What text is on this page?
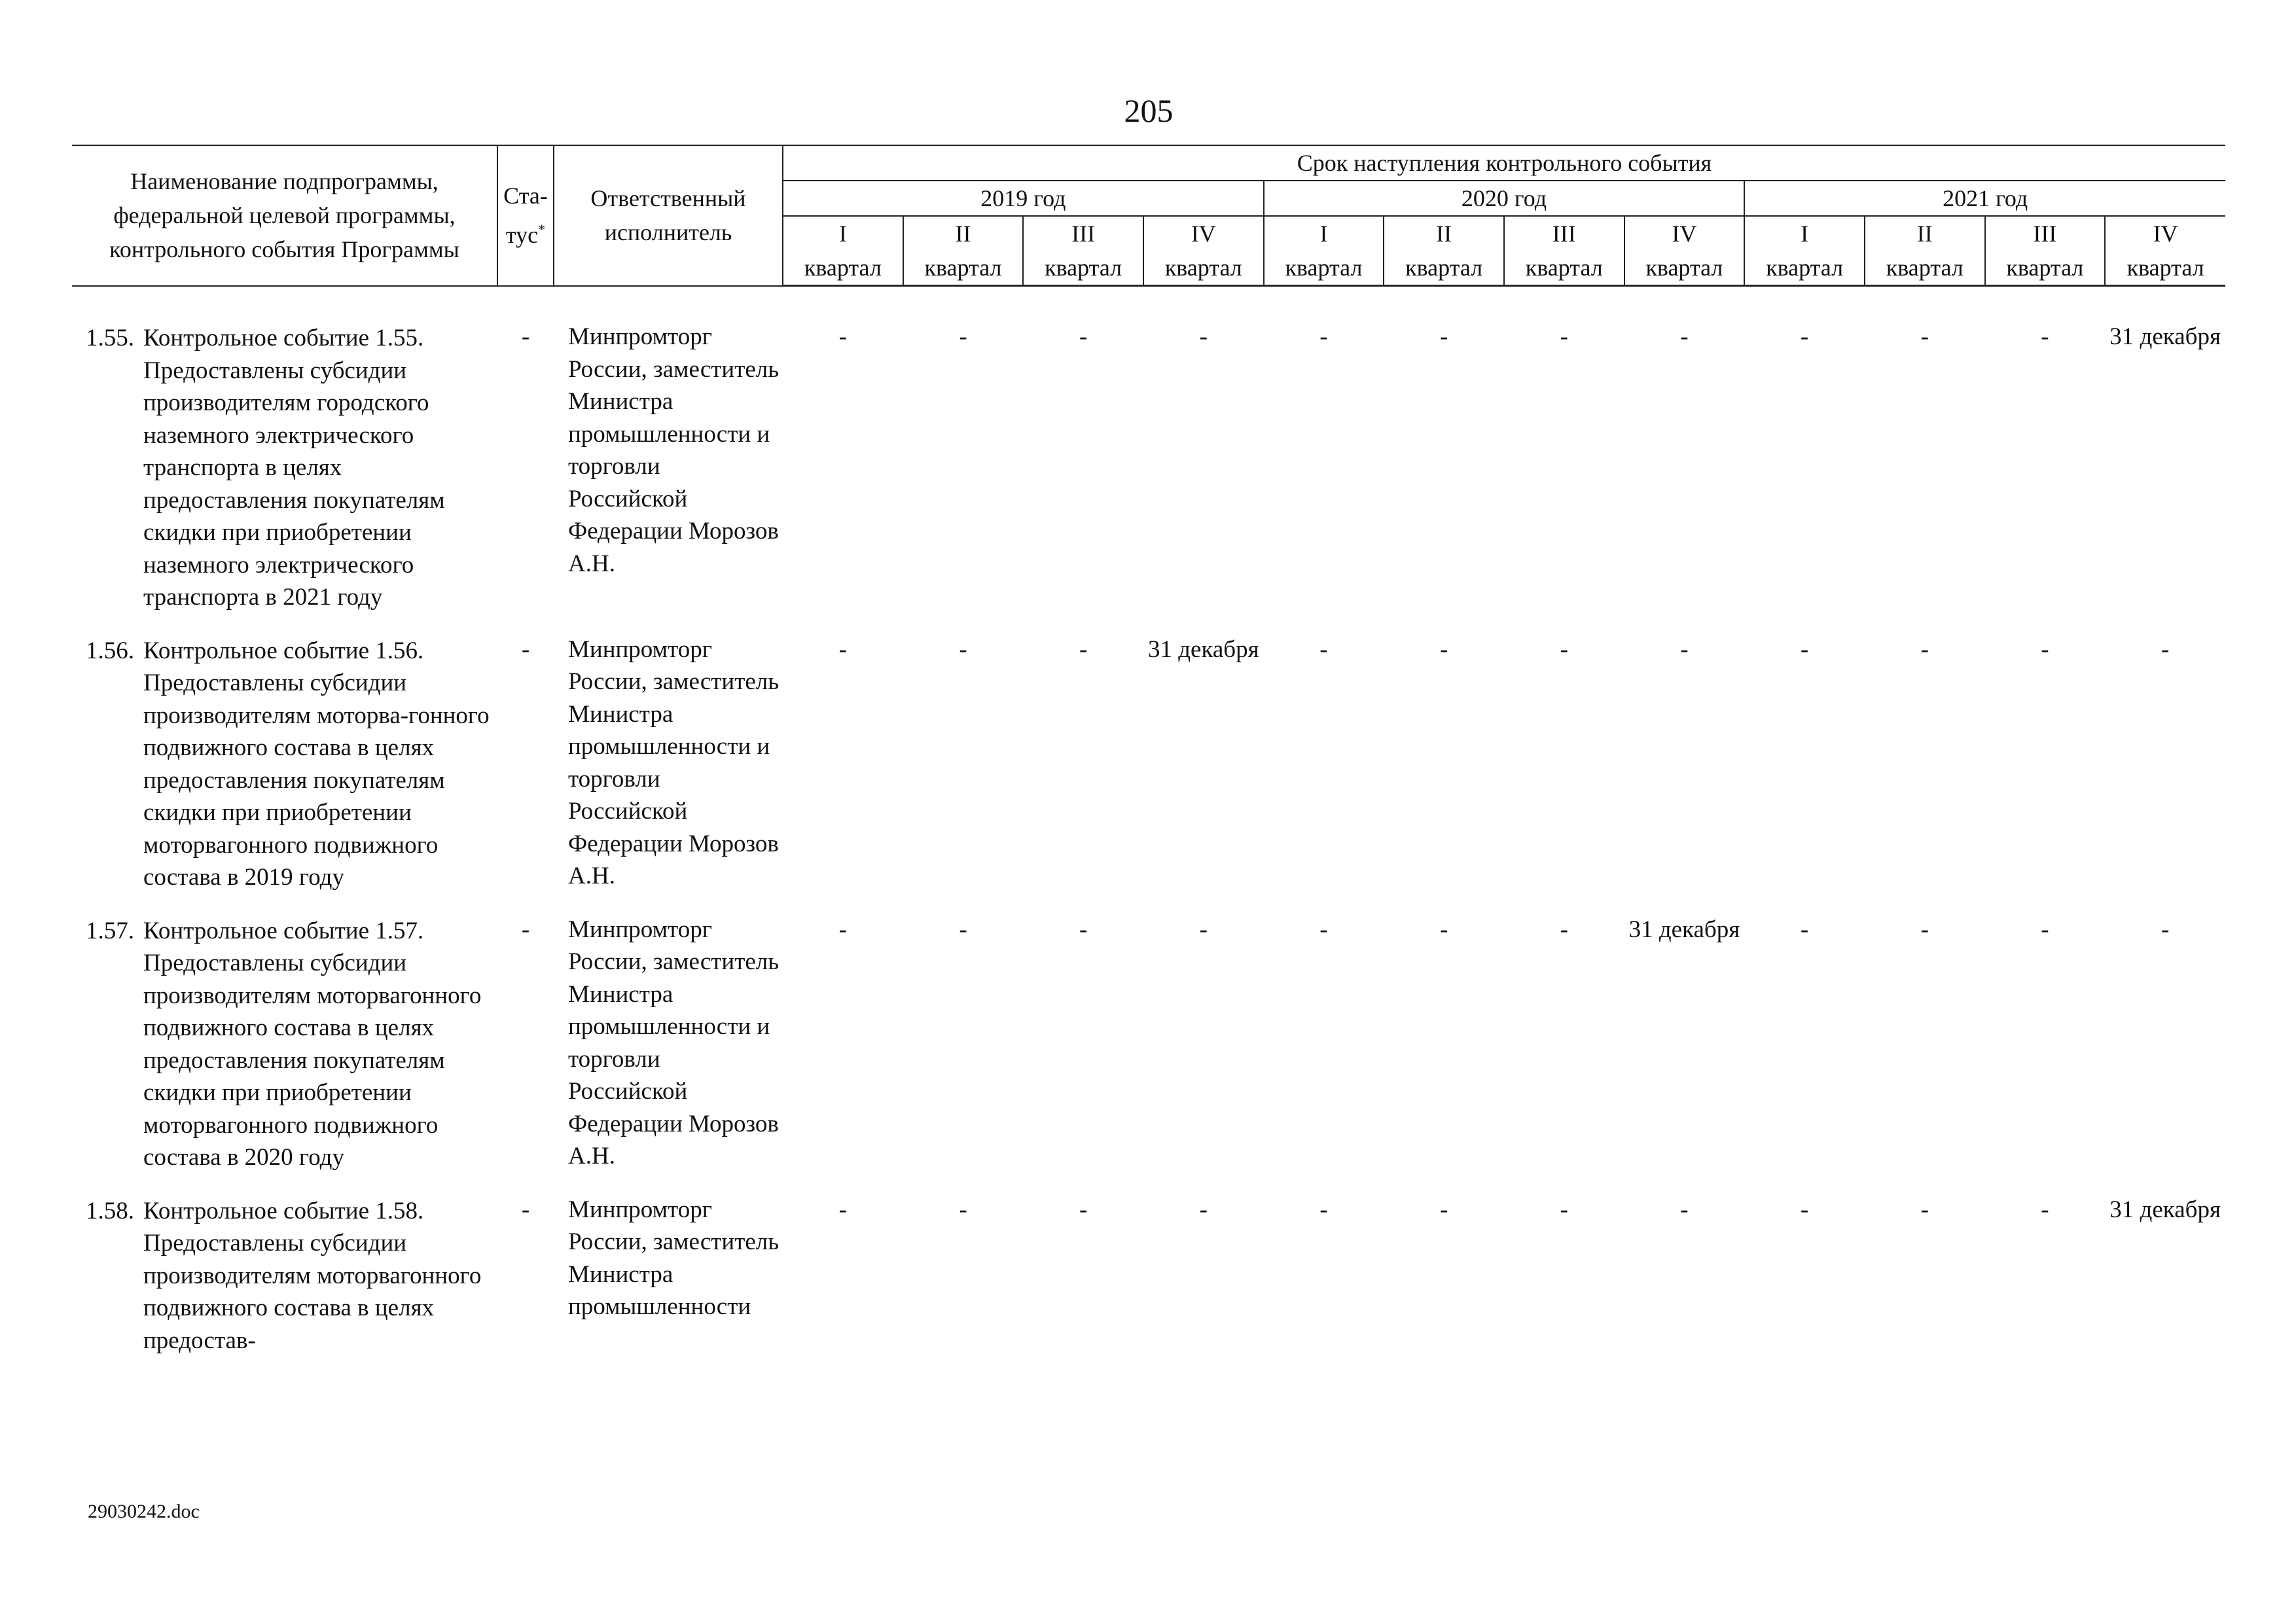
205
Наименование подпрограммы, федеральной целевой программы, контрольного события Программы	Ста-тус*	Ответственный исполнитель	Срок наступления контрольного события											
			2019 год				2020 год				2021 год			
			I	II	III	IV	I	II	III	IV	I	II	III	IV
			квартал	квартал	квартал	квартал	квартал	квартал	квартал	квартал	квартал	квартал	квартал	квартал

1.55. Контрольное событие 1.55. Предоставлены субсидии производителям городского наземного электрического транспорта в целях предоставления покупателям скидки при приобретении наземного электрического транспорта в 2021 году	-	Минпромторг России, заместитель Министра промышленности и торговли Российской Федерации Морозов А.Н.	-	-	-	-	-	-	-	-	-	-	-	31 декабря

1.56. Контрольное событие 1.56. Предоставлены субсидии производителям моторва-гонного подвижного состава в целях предоставления покупателям скидки при приобретении моторвагонного подвижного состава в 2019 году	-	Минпромторг России, заместитель Министра промышленности и торговли Российской Федерации Морозов А.Н.	-	-	-	31 декабря	-	-	-	-	-	-	-	-

1.57. Контрольное событие 1.57. Предоставлены субсидии производителям моторвагонного подвижного состава в целях предоставления покупателям скидки при приобретении моторвагонного подвижного состава в 2020 году	-	Минпромторг России, заместитель Министра промышленности и торговли Российской Федерации Морозов А.Н.	-	-	-	-	-	-	-	31 декабря	-	-	-	-

1.58. Контрольное событие 1.58. Предоставлены субсидии производителям моторвагонного подвижного состава в целях предостав-	-	Минпромторг России, заместитель Министра промышленности	-	-	-	-	-	-	-	-	-	-	-	31 декабря
29030242.doc
